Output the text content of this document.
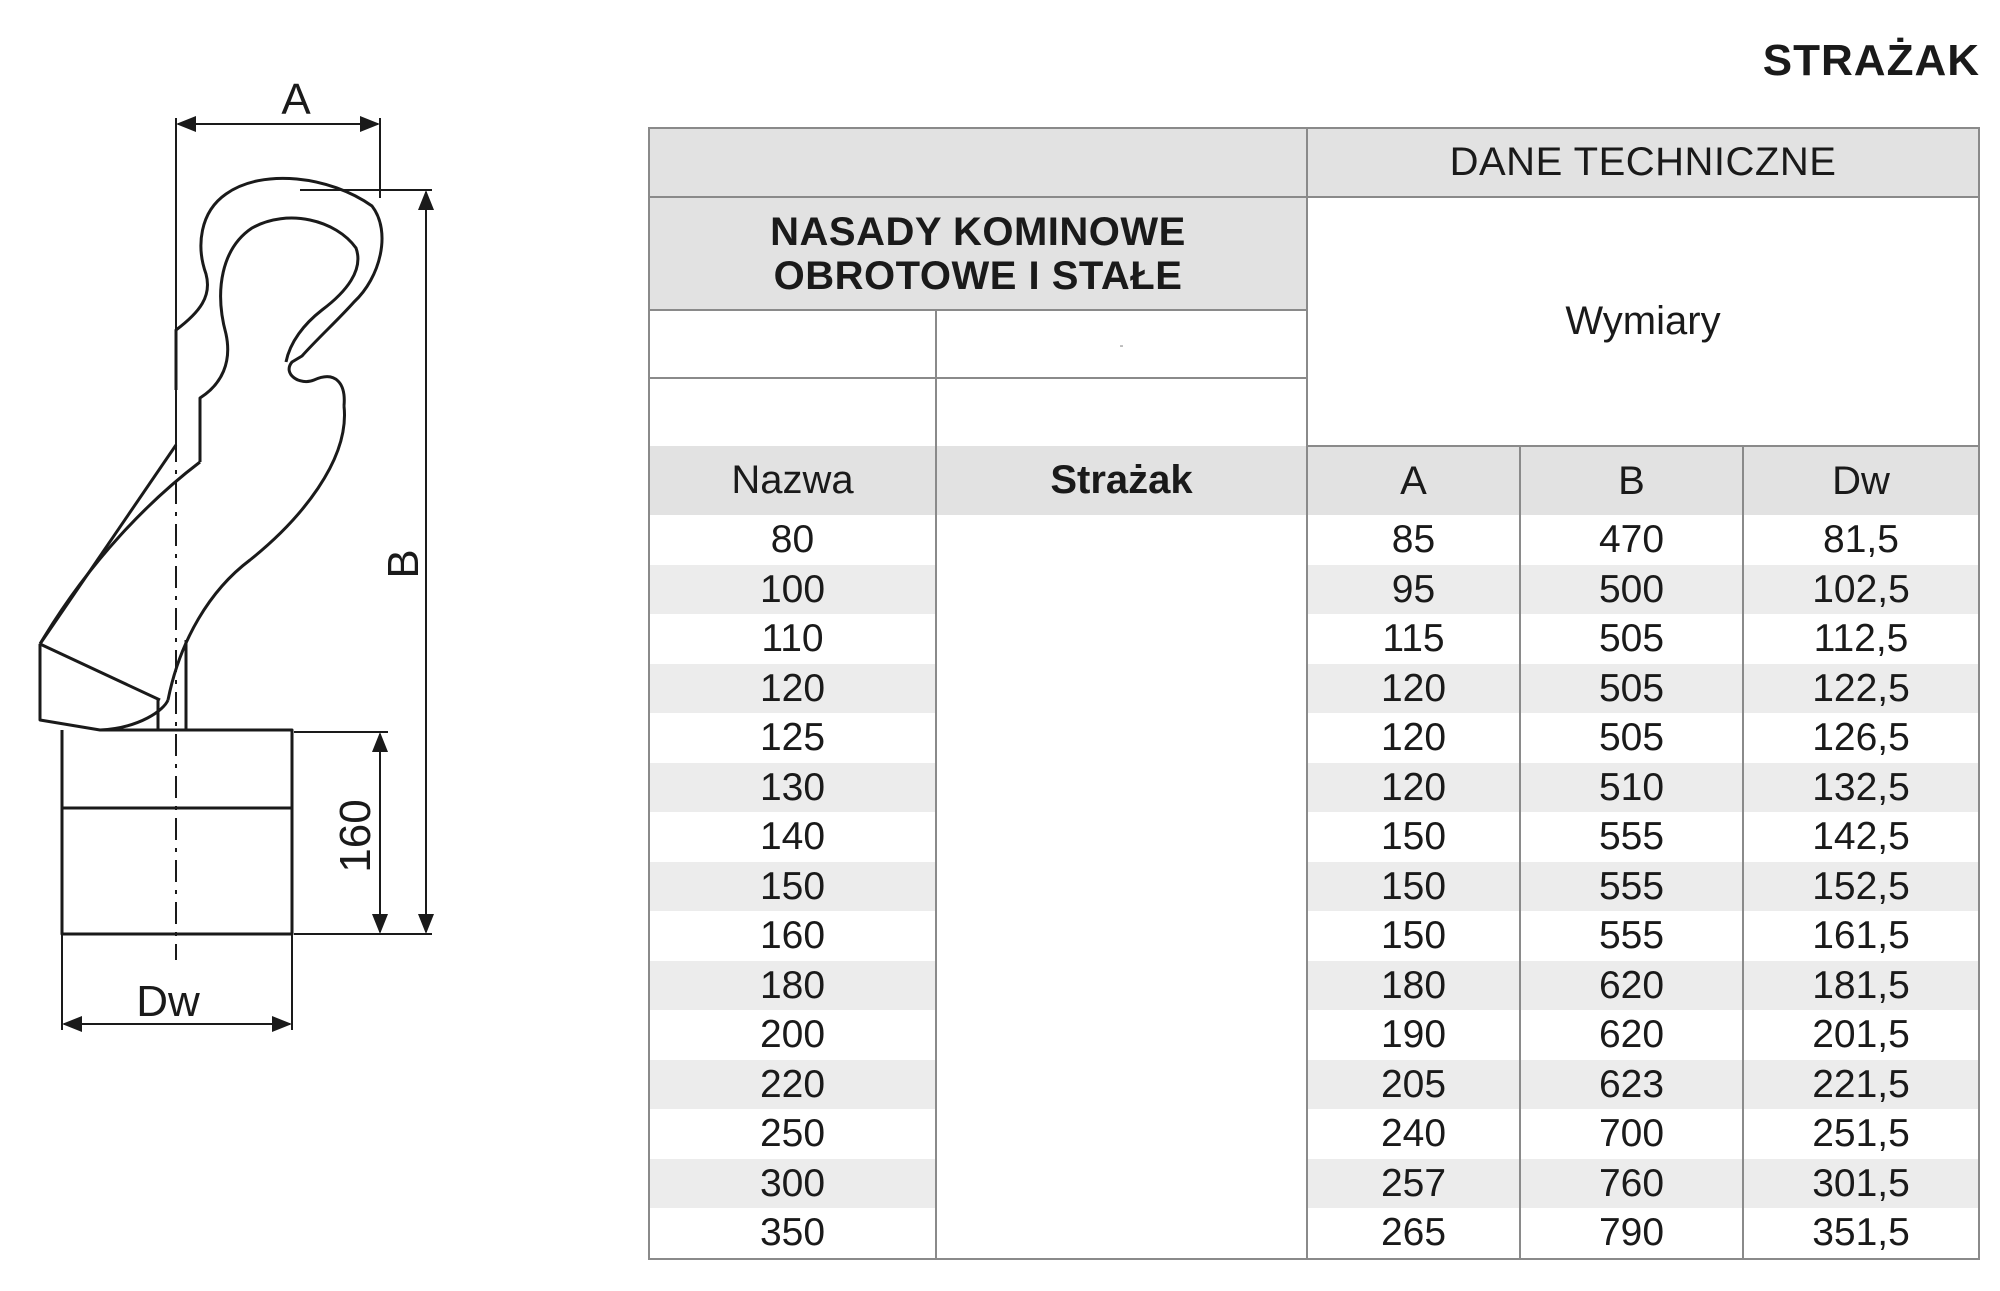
STRAŻAK
A
B
160
Dw
		DANE TECHNICZNE		

NASADY KOMINOWE
OBROTOWE I STAŁE		Wymiary		
	-

Nazwa	Strażak	A	B	Dw
80		85	470	81,5
100		95	500	102,5
110		115	505	112,5
120		120	505	122,5
125		120	505	126,5
130		120	510	132,5
140		150	555	142,5
150		150	555	152,5
160		150	555	161,5
180		180	620	181,5
200		190	620	201,5
220		205	623	221,5
250		240	700	251,5
300		257	760	301,5
350		265	790	351,5
